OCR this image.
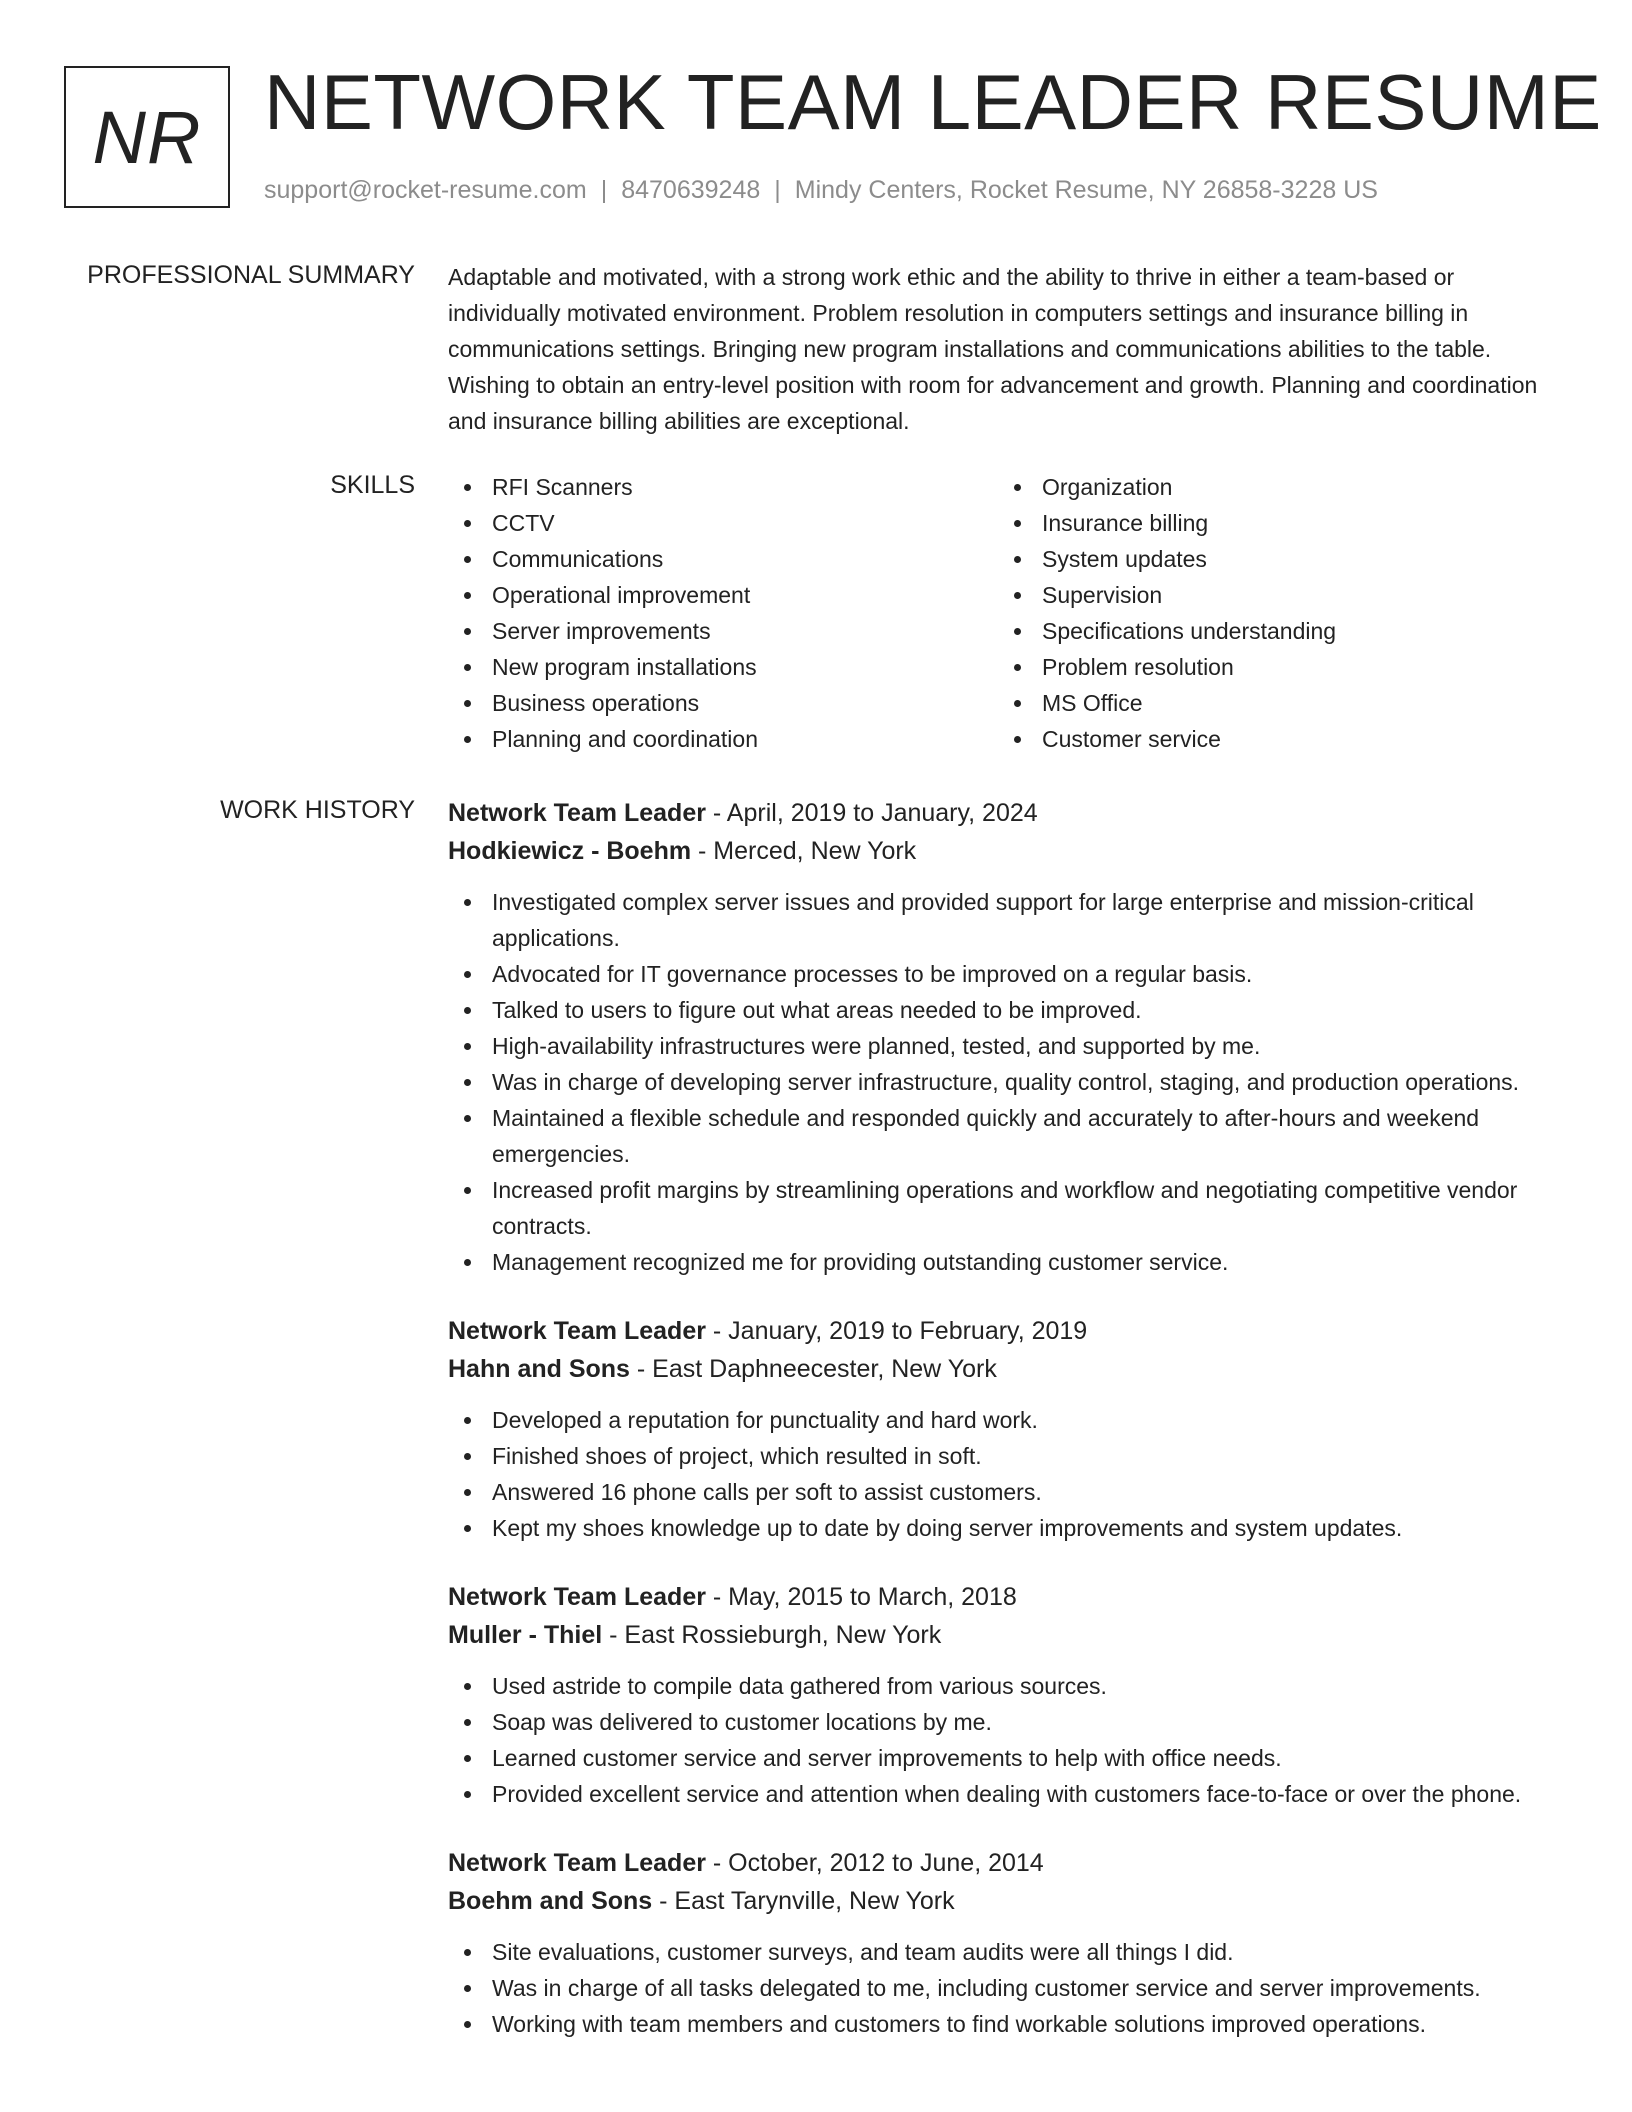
NR NETWORK TEAM LEADER RESUME
support@rocket-resume.com | 8470639248 | Mindy Centers, Rocket Resume, NY 26858-3228 US
PROFESSIONAL SUMMARY Adaptable and motivated, with a strong work ethic and the ability to thrive in either a team-based or individually motivated environment. Problem resolution in computers settings and insurance billing in communications settings. Bringing new program installations and communications abilities to the table. Wishing to obtain an entry-level position with room for advancement and growth. Planning and coordination and insurance billing abilities are exceptional.

SKILLS	RFI Scanners
CCTV
Communications
Operational improvement
Server improvements
New program installations
Business operations
Planning and coordination
Organization
Insurance billing
System updates
Supervision
Specifications understanding
Problem resolution
MS Office
Customer service
WORK HISTORY Network Team Leader - April, 2019 to January, 2024
Hodkiewicz - Boehm - Merced, New York
Investigated complex server issues and provided support for large enterprise and mission-critical applications.
Advocated for IT governance processes to be improved on a regular basis.
Talked to users to figure out what areas needed to be improved.
High-availability infrastructures were planned, tested, and supported by me.
Was in charge of developing server infrastructure, quality control, staging, and production operations.
Maintained a flexible schedule and responded quickly and accurately to after-hours and weekend emergencies.
Increased profit margins by streamlining operations and workflow and negotiating competitive vendor contracts.
Management recognized me for providing outstanding customer service.
Network Team Leader - January, 2019 to February, 2019
Hahn and Sons - East Daphneecester, New York
Developed a reputation for punctuality and hard work.
Finished shoes of project, which resulted in soft.
Answered 16 phone calls per soft to assist customers.
Kept my shoes knowledge up to date by doing server improvements and system updates.
Network Team Leader - May, 2015 to March, 2018
Muller - Thiel - East Rossieburgh, New York
Used astride to compile data gathered from various sources.
Soap was delivered to customer locations by me.
Learned customer service and server improvements to help with office needs.
Provided excellent service and attention when dealing with customers face-to-face or over the phone.
Network Team Leader - October, 2012 to June, 2014
Boehm and Sons - East Tarynville, New York
Site evaluations, customer surveys, and team audits were all things I did.
Was in charge of all tasks delegated to me, including customer service and server improvements.
Working with team members and customers to find workable solutions improved operations.
